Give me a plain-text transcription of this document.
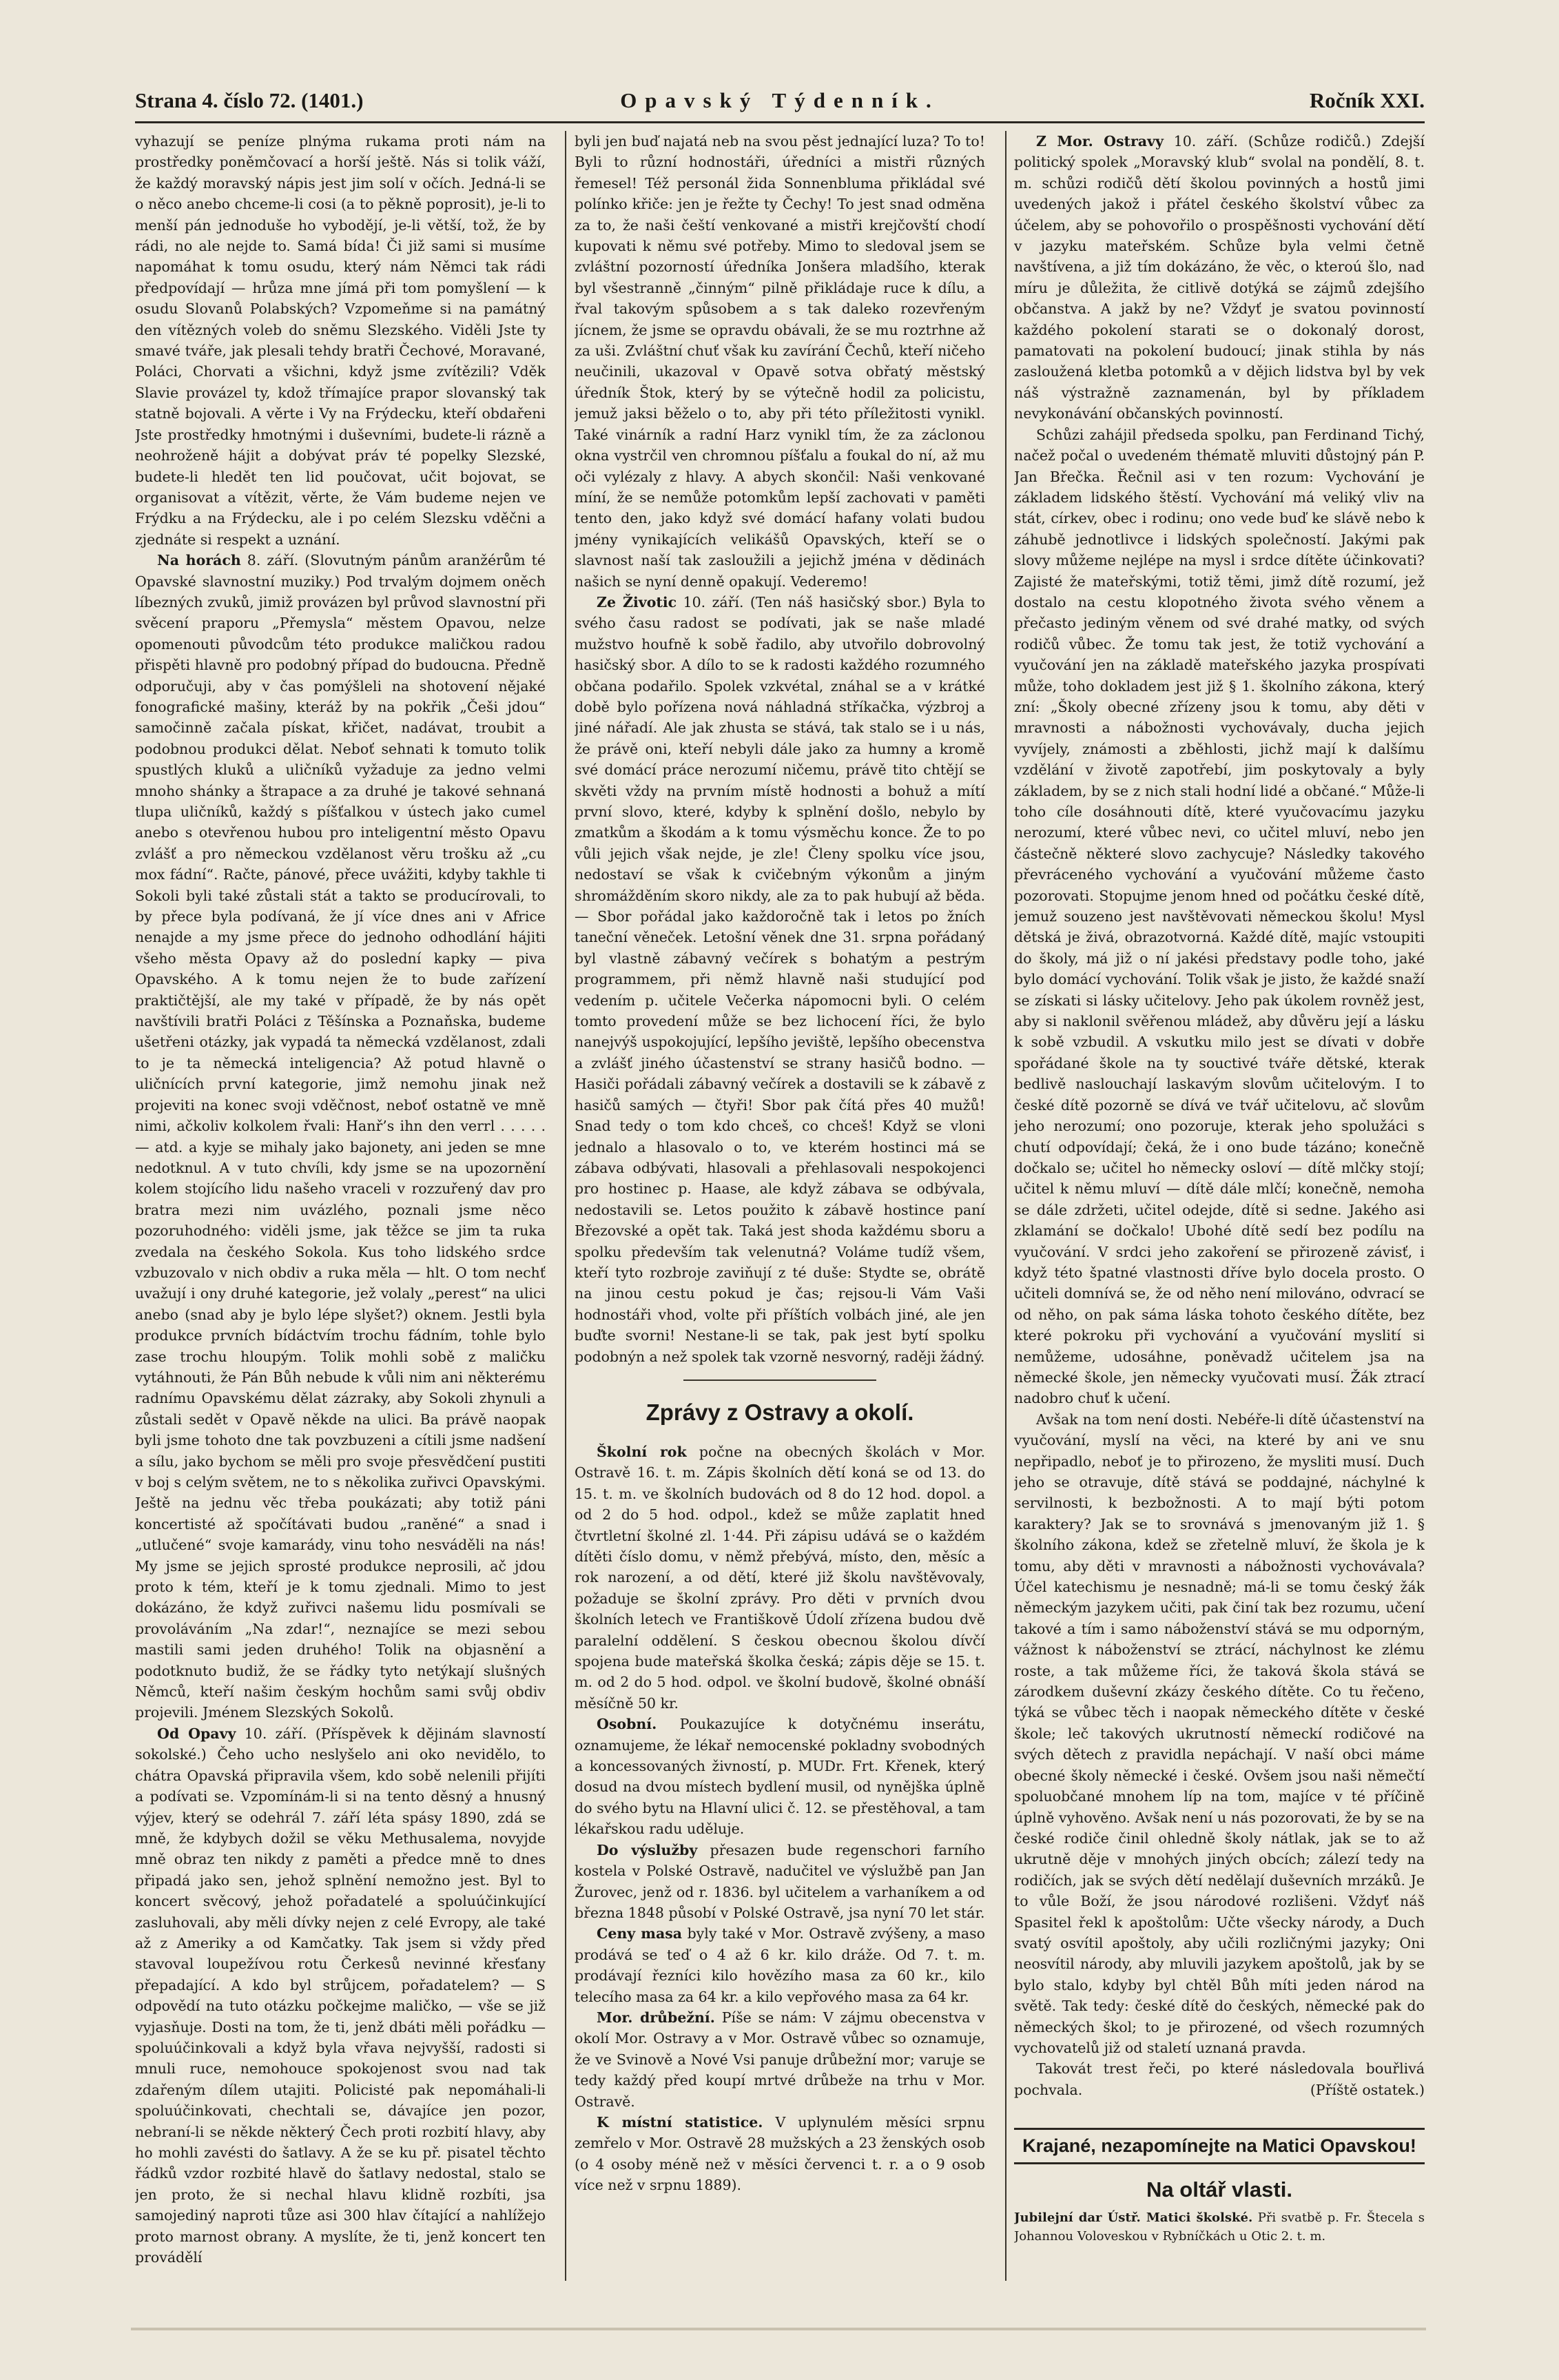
Strana 4. číslo 72. (1401.)	Opavský Týdenník.	Ročník XXI.

vyhazují se peníze plnýma rukama proti nám na prostředky poněmčovací a horší ještě. Nás si tolik váží, že každý moravský nápis jest jim solí v očích. Jedná-li se o něco anebo chceme-li cosi (a to pěkně poprosit), je-li to menší pán jednoduše ho vybodějí, je-li větší, tož, že by rádi, no ale nejde to. Samá bída! Či již sami si musíme napomáhat k tomu osudu, který nám Němci tak rádi předpovídají — hrůza mne jímá při tom pomyšlení — k osudu Slovanů Polabských? Vzpomeňme si na památný den vítězných voleb do sněmu Slezského. Viděli Jste ty smavé tváře, jak plesali tehdy bratři Čechové, Moravané, Poláci, Chorvati a všichni, když jsme zvítězili? Vděk Slavie provázel ty, kdož třímajíce prapor slovanský tak statně bojovali. A věrte i Vy na Frýdecku, kteří obdařeni Jste prostředky hmotnými i duševními, budete-li rázně a neohroženě hájit a dobývat práv té popelky Slezské, budete-li hledět ten lid poučovat, učit bojovat, se organisovat a vítězit, věrte, že Vám budeme nejen ve Frýdku a na Frýdecku, ale i po celém Slezsku vděčni a zjednáte si respekt a uznání.

Na horách 8. září. (Slovutným pánům aranžérům té Opavské slavnostní muziky.) Pod trvalým dojmem oněch líbezných zvuků, jimiž provázen byl průvod slavnostní při svěcení praporu „Přemysla“ městem Opavou, nelze opomenouti původcům této produkce maličkou radou přispěti hlavně pro podobný případ do budoucna. Předně odporučuji, aby v čas pomýšleli na shotovení nějaké fonografické mašiny, kteráž by na pokřik „Češi jdou“ samočinně začala pískat, křičet, nadávat, troubit a podobnou produkci dělat. Neboť sehnati k tomuto tolik spustlých kluků a uličníků vyžaduje za jedno velmi mnoho shánky a štrapace a za druhé je takové sehnaná tlupa uličníků, každý s píšťalkou v ústech jako cumel anebo s otevřenou hubou pro inteligentní město Opavu zvlášť a pro německou vzdělanost věru trošku až „cu mox fádní“. Račte, pánové, přece uvážiti, kdyby takhle ti Sokoli byli také zůstali stát a takto se producírovali, to by přece byla podívaná, že jí více dnes ani v Africe nenajde a my jsme přece do jednoho odhodlání hájiti všeho města Opavy až do poslední kapky — piva Opavského. A k tomu nejen že to bude zařízení praktičtější, ale my také v případě, že by nás opět navštívili bratři Poláci z Těšínska a Poznaňska, budeme ušetřeni otázky, jak vypadá ta německá vzdělanost, zdali to je ta německá inteligencia? Až potud hlavně o uličnících první kategorie, jimž nemohu jinak než projeviti na konec svoji vděčnost, neboť ostatně ve mně nimi, ačkoliv kolkolem řvali: Hanř’s ihn den verrl . . . . . — atd. a kyje se mihaly jako bajonety, ani jeden se mne nedotknul. A v tuto chvíli, kdy jsme se na upozornění kolem stojícího lidu našeho vraceli v rozzuřený dav pro bratra mezi nim uvázlého, poznali jsme něco pozoruhodného: viděli jsme, jak těžce se jim ta ruka zvedala na českého Sokola. Kus toho lidského srdce vzbuzovalo v nich obdiv a ruka měla — hlt. O tom nechť uvažují i ony druhé kategorie, jež volaly „perest“ na ulici anebo (snad aby je bylo lépe slyšet?) oknem. Jestli byla produkce prvních bídáctvím trochu fádním, tohle bylo zase trochu hloupým. Tolik mohli sobě z maličku vytáhnouti, že Pán Bůh nebude k vůli nim ani některému radnímu Opavskému dělat zázraky, aby Sokoli zhynuli a zůstali sedět v Opavě někde na ulici. Ba právě naopak byli jsme tohoto dne tak povzbuzeni a cítili jsme nadšení a sílu, jako bychom se měli pro svoje přesvědčení pustiti v boj s celým světem, ne to s několika zuřivci Opavskými. Ještě na jednu věc třeba poukázati; aby totiž páni koncertisté až spočítávati budou „raněné“ a snad i „utlučené“ svoje kamarády, vinu toho nesváděli na nás! My jsme se jejich sprosté produkce neprosili, ač jdou proto k tém, kteří je k tomu zjednali. Mimo to jest dokázáno, že když zuřivci našemu lidu posmívali se provoláváním „Na zdar!“, neznajíce se mezi sebou mastili sami jeden druhého! Tolik na objasnění a podotknuto budiž, že se řádky tyto netýkají slušných Němců, kteří našim českým hochům sami svůj obdiv projevili. Jménem Slezských Sokolů.

Od Opavy 10. září. (Příspěvek k dějinám slavností sokolské.) Čeho ucho neslyšelo ani oko nevidělo, to chátra Opavská připravila všem, kdo sobě nelenili přijíti a podívati se. Vzpomínám-li si na tento děsný a hnusný výjev, který se odehrál 7. září léta spásy 1890, zdá se mně, že kdybych dožil se věku Methusalema, novyjde mně obraz ten nikdy z paměti a předce mně to dnes připadá jako sen, jehož splnění nemožno jest. Byl to koncert svěcový, jehož pořadatelé a spoluúčinkující zasluhovali, aby měli dívky nejen z celé Evropy, ale také až z Ameriky a od Kamčatky. Tak jsem si vždy před stavoval loupežívou rotu Čerkesů nevinné křesťany přepadající. A kdo byl strůjcem, pořadatelem? — S odpovědí na tuto otázku počkejme maličko, — vše se již vyjasňuje. Dosti na tom, že ti, jenž dbáti měli pořádku — spoluúčinkovali a když byla vřava nejvyšší, radosti si mnuli ruce, nemohouce spokojenost svou nad tak zdařeným dílem utajiti. Policisté pak nepomáhali-li spoluúčinkovati, chechtali se, dávajíce jen pozor, nebraní-li se někde některý Čech proti rozbití hlavy, aby ho mohli zavésti do šatlavy. A že se ku př. pisatel těchto řádků vzdor rozbité hlavě do šatlavy nedostal, stalo se jen proto, že si nechal hlavu klidně rozbíti, jsa samojediný naproti tůze asi 300 hlav čítající a nahlížejo proto marnost obrany. A myslíte, že ti, jenž koncert ten provádělí

byli jen buď najatá neb na svou pěst jednající luza? To to! Byli to různí hodnostáři, úředníci a mistři různých řemesel! Též personál žida Sonnenbluma přikládal své polínko křiče: jen je řežte ty Čechy! To jest snad odměna za to, že naši čeští venkované a mistři krejčovští chodí kupovati k němu své potřeby. Mimo to sledoval jsem se zvláštní pozorností úředníka Jonšera mladšího, kterak byl všestranně „činným“ pilně přikládaje ruce k dílu, a řval takovým spůsobem a s tak daleko rozevřeným jícnem, že jsme se opravdu obávali, že se mu roztrhne až za uši. Zvláštní chuť však ku zavírání Čechů, kteří ničeho neučinili, ukazoval v Opavě sotva obřatý městský úředník Štok, který by se výtečně hodil za policistu, jemuž jaksi běželo o to, aby při této příležitosti vynikl. Také vinárník a radní Harz vynikl tím, že za záclonou okna vystrčil ven chromnou píšťalu a foukal do ní, až mu oči vylézaly z hlavy. A abych skončil: Naši venkované míní, že se nemůže potomkům lepší zachovati v paměti tento den, jako když své domácí hafany volati budou jmény vynikajících velikášů Opavských, kteří se o slavnost naší tak zasloužili a jejichž jména v dědinách našich se nyní denně opakují. Vederemo!

Ze Životic 10. září. (Ten náš hasičský sbor.) Byla to svého času radost se podívati, jak se naše mladé mužstvo houfně k sobě řadilo, aby utvořilo dobrovolný hasičský sbor. A dílo to se k radosti každého rozumného občana podařilo. Spolek vzkvétal, znáhal se a v krátké době bylo pořízena nová náhladná stříkačka, výzbroj a jiné nářadí. Ale jak zhusta se stává, tak stalo se i u nás, že právě oni, kteří nebyli dále jako za humny a kromě své domácí práce nerozumí ničemu, právě tito chtějí se skvěti vždy na prvním místě hodnosti a bohuž a mítí první slovo, které, kdyby k splnění došlo, nebylo by zmatkům a škodám a k tomu výsměchu konce. Že to po vůli jejich však nejde, je zle! Členy spolku více jsou, nedostaví se však k cvičebným výkonům a jiným shromážděním skoro nikdy, ale za to pak hubují až běda. — Sbor pořádal jako každoročně tak i letos po žních taneční věneček. Letošní věnek dne 31. srpna pořádaný byl vlastně zábavný večírek s bohatým a pestrým programmem, při němž hlavně naši studující pod vedením p. učitele Večerka nápomocni byli. O celém tomto provedení může se bez lichocení říci, že bylo nanejvýš uspokojující, lepšího jeviště, lepšího obecenstva a zvlášť jiného účastenství se strany hasičů bodno. — Hasiči pořádali zábavný večírek a dostavili se k zábavě z hasičů samých — čtyři! Sbor pak čítá přes 40 mužů! Snad tedy o tom kdo chceš, co chceš! Když se vloni jednalo a hlasovalo o to, ve kterém hostinci má se zábava odbývati, hlasovali a přehlasovali nespokojenci pro hostinec p. Haase, ale když zábava se odbývala, nedostavili se. Letos použito k zábavě hostince paní Březovské a opět tak. Taká jest shoda každému sboru a spolku především tak velenutná? Voláme tudíž všem, kteří tyto rozbroje zaviňují z té duše: Stydte se, obrátě na jinou cestu pokud je čas; rejsou-li Vám Vaši hodnostáři vhod, volte při příštích volbách jiné, ale jen buďte svorni! Nestane-li se tak, pak jest bytí spolku podobnýn a než spolek tak vzorně nesvorný, raději žádný.

Zprávy z Ostravy a okolí.

Školní rok počne na obecných školách v Mor. Ostravě 16. t. m. Zápis školních dětí koná se od 13. do 15. t. m. ve školních budovách od 8 do 12 hod. dopol. a od 2 do 5 hod. odpol., kdež se může zaplatit hned čtvrtletní školné zl. 1·44. Při zápisu udává se o každém dítěti číslo domu, v němž přebývá, místo, den, měsíc a rok narození, a od dětí, které již školu navštěvovaly, požaduje se školní zprávy. Pro děti v prvních dvou školních letech ve Františkově Údolí zřízena budou dvě paralelní oddělení. S českou obecnou školou dívčí spojena bude mateřská školka česká; zápis děje se 15. t. m. od 2 do 5 hod. odpol. ve školní budově, školné obnáší měsíčně 50 kr.

Osobní. Poukazujíce k dotyčnému inserátu, oznamujeme, že lékař nemocenské pokladny svobodných a koncessovaných živností, p. MUDr. Frt. Křenek, který dosud na dvou místech bydlení musil, od nynějška úplně do svého bytu na Hlavní ulici č. 12. se přestěhoval, a tam lékařskou radu uděluje.

Do výslužby přesazen bude regenschori farního kostela v Polské Ostravě, nadučitel ve výslužbě pan Jan Žurovec, jenž od r. 1836. byl učitelem a varhaníkem a od března 1848 působí v Polské Ostravě, jsa nyní 70 let stár.

Ceny masa byly také v Mor. Ostravě zvýšeny, a maso prodává se teď o 4 až 6 kr. kilo dráže. Od 7. t. m. prodávají řezníci kilo hovězího masa za 60 kr., kilo telecího masa za 64 kr. a kilo vepřového masa za 64 kr.

Mor. drůbežní. Píše se nám: V zájmu obecenstva v okolí Mor. Ostravy a v Mor. Ostravě vůbec so oznamuje, že ve Svinově a Nové Vsi panuje drůbežní mor; varuje se tedy každý před koupí mrtvé drůbeže na trhu v Mor. Ostravě.

K místní statistice. V uplynulém měsíci srpnu zemřelo v Mor. Ostravě 28 mužských a 23 ženských osob (o 4 osoby méně než v měsíci červenci t. r. a o 9 osob více než v srpnu 1889).

Z Mor. Ostravy 10. září. (Schůze rodičů.) Zdejší politický spolek „Moravský klub“ svolal na pondělí, 8. t. m. schůzi rodičů dětí školou povinných a hostů jimi uvedených jakož i přátel českého školství vůbec za účelem, aby se pohovořilo o prospěšnosti vychování dětí v jazyku mateřském. Schůze byla velmi četně navštívena, a již tím dokázáno, že věc, o kteroú šlo, nad míru je důležita, že citlivě dotýká se zájmů zdejšího občanstva. A jakž by ne? Vždyť je svatou povinností každého pokolení starati se o dokonalý dorost, pamatovati na pokolení budoucí; jinak stihla by nás zasloužená kletba potomků a v dějich lidstva byl by vek náš výstražně zaznamenán, byl by příkladem nevykonávání občanských povinností.

Schůzi zahájil předseda spolku, pan Ferdinand Tichý, načež počal o uvedeném thématě mluviti důstojný pán P. Jan Břečka. Řečnil asi v ten rozum: Vychování je základem lidského štěstí. Vychování má veliký vliv na stát, církev, obec i rodinu; ono vede buď ke slávě nebo k záhubě jednotlivce i lidských společností. Jakými pak slovy můžeme nejlépe na mysl i srdce dítěte účinkovati? Zajisté že mateřskými, totiž těmi, jimž dítě rozumí, jež dostalo na cestu klopotného života svého věnem a přečasto jediným věnem od své drahé matky, od svých rodičů vůbec. Že tomu tak jest, že totiž vychování a vyučování jen na základě mateřského jazyka prospívati může, toho dokladem jest již § 1. školního zákona, který zní: „Školy obecné zřízeny jsou k tomu, aby děti v mravnosti a nábožnosti vychovávaly, ducha jejich vyvíjely, známosti a zběhlosti, jichž mají k dalšímu vzdělání v životě zapotřebí, jim poskytovaly a byly základem, by se z nich stali hodní lidé a občané.“ Může-li toho cíle dosáhnouti dítě, které vyučovacímu jazyku nerozumí, které vůbec nevi, co učitel mluví, nebo jen částečně některé slovo zachycuje? Následky takového převráceného vychování a vyučování můžeme často pozorovati. Stopujme jenom hned od počátku české dítě, jemuž souzeno jest navštěvovati německou školu! Mysl dětská je živá, obrazotvorná. Každé dítě, majíc vstoupiti do školy, má již o ní jakési představy podle toho, jaké bylo domácí vychování. Tolik však je jisto, že každé snaží se získati si lásky učitelovy. Jeho pak úkolem rovněž jest, aby si naklonil svěřenou mládež, aby důvěru její a lásku k sobě vzbudil. A vskutku milo jest se dívati v dobře spořádané škole na ty souctivé tváře dětské, kterak bedlivě naslouchají laskavým slovům učitelovým. I to české dítě pozorně se dívá ve tvář učitelovu, ač slovům jeho nerozumí; ono pozoruje, kterak jeho spolužáci s chutí odpovídají; čeká, že i ono bude tázáno; konečně dočkalo se; učitel ho německy osloví — dítě mlčky stojí; učitel k němu mluví — dítě dále mlčí; konečně, nemoha se dále zdržeti, učitel odejde, dítě si sedne. Jakého asi zklamání se dočkalo! Ubohé dítě sedí bez podílu na vyučování. V srdci jeho zakoření se přirozeně závisť, i když této špatné vlastnosti dříve bylo docela prosto. O učiteli domnívá se, že od něho není milováno, odvrací se od něho, on pak sáma láska tohoto českého dítěte, bez které pokroku při vychování a vyučování myslití si nemůžeme, udosáhne, poněvadž učitelem jsa na německé škole, jen německy vyučovati musí. Žák ztrací nadobro chuť k učení.

Avšak na tom není dosti. Nebéře-li dítě účastenství na vyučování, myslí na věci, na které by ani ve snu nepřipadlo, neboť je to přirozeno, že mysliti musí. Duch jeho se otravuje, dítě stává se poddajné, náchylné k servilnosti, k bezbožnosti. A to mají býti potom karaktery? Jak se to srovnává s jmenovaným již 1. § školního zákona, kdež se zřetelně mluví, že škola je k tomu, aby děti v mravnosti a nábožnosti vychovávala? Účel katechismu je nesnadně; má-li se tomu český žák německým jazykem učiti, pak činí tak bez rozumu, učení takové a tím i samo náboženství stává se mu odporným, vážnost k náboženství se ztrácí, náchylnost ke zlému roste, a tak můžeme říci, že taková škola stává se zárodkem duševní zkázy českého dítěte. Co tu řečeno, týká se vůbec těch i naopak německého dítěte v české škole; leč takových ukrutností německí rodičové na svých dětech z pravidla nepáchají. V naší obci máme obecné školy německé i české. Ovšem jsou naši němečtí spoluobčané mnohem líp na tom, majíce v té příčině úplně vyhověno. Avšak není u nás pozorovati, že by se na české rodiče činil ohledně školy nátlak, jak se to až ukrutně děje v mnohých jiných obcích; zálezí tedy na rodičích, jak se svých dětí nedělají duševních mrzáků. Je to vůle Boží, že jsou národové rozlišeni. Vždyť náš Spasitel řekl k apoštolům: Učte všecky národy, a Duch svatý osvítil apoštoly, aby učili rozličnými jazyky; Oni neosvítil národy, aby mluvili jazykem apoštolů, jak by se bylo stalo, kdyby byl chtěl Bůh míti jeden národ na světě. Tak tedy: české dítě do českých, německé pak do německých škol; to je přirozené, od všech rozumných vychovatelů již od staletí uznaná pravda.

Takovát trest řeči, po které následovala bouřlivá pochvala.	(Příště ostatek.)

Krajané, nezapomínejte na Matici Opavskou!
Na oltář vlasti.

Jubilejní dar Ústř. Matici školské. Při svatbě p. Fr. Štecela s Johannou Voloveskou v Rybníčkách u Otic 2. t. m.
